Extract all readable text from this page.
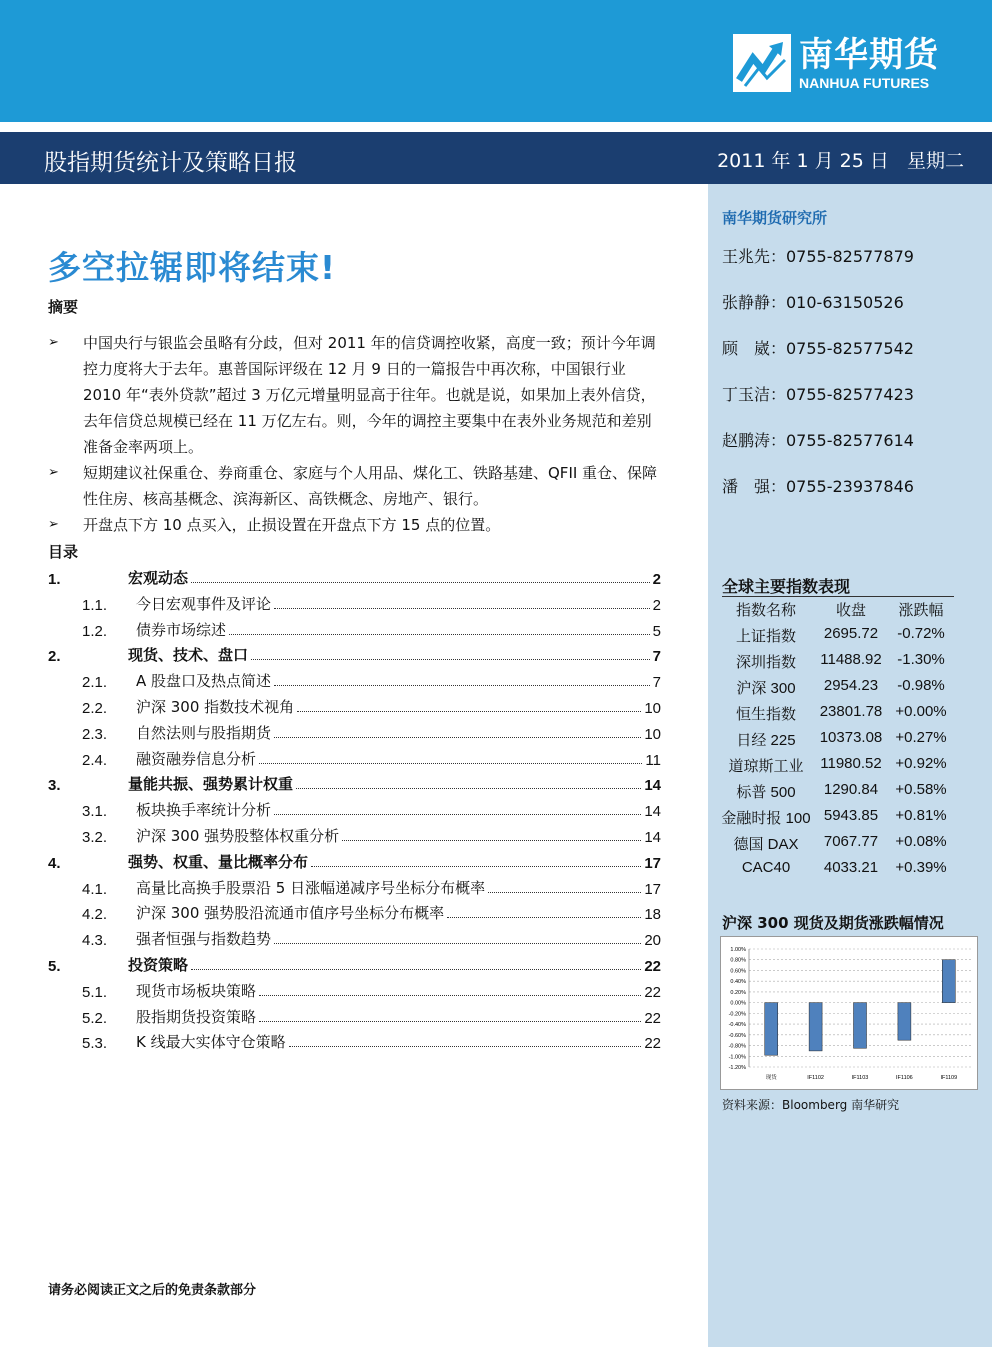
南华期货
NANHUA FUTURES
股指期货统计及策略日报	2011 年 1 月 25 日   星期二
多空拉锯即将结束!
摘要

➢ 中国央行与银监会虽略有分歧，但对 2011 年的信贷调控收紧，高度一致；预计今年调控力度将大于去年。惠普国际评级在 12 月 9 日的一篇报告中再次称，中国银行业 2010 年“表外贷款”超过 3 万亿元增量明显高于往年。也就是说，如果加上表外信贷，去年信贷总规模已经在 11 万亿左右。则，今年的调控主要集中在表外业务规范和差别准备金率两项上。

➢ 短期建议社保重仓、券商重仓、家庭与个人用品、煤化工、铁路基建、QFII 重仓、保障性住房、核高基概念、滨海新区、高铁概念、房地产、银行。

➢ 开盘点下方 10 点买入，止损设置在开盘点下方 15 点的位置。

目录
1.	宏观动态	2
1.1.	今日宏观事件及评论	2
1.2.	债券市场综述	5
2.	现货、技术、盘口	7
2.1.	A 股盘口及热点简述	7
2.2.	沪深 300 指数技术视角	10
2.3.	自然法则与股指期货	10
2.4.	融资融券信息分析	11
3.	量能共振、强势累计权重	14
3.1.	板块换手率统计分析	14
3.2.	沪深 300 强势股整体权重分析	14
4.	强势、权重、量比概率分布	17
4.1.	高量比高换手股票沿 5 日涨幅递减序号坐标分布概率	17
4.2.	沪深 300 强势股沿流通市值序号坐标分布概率	18
4.3.	强者恒强与指数趋势	20
5.	投资策略	22
5.1.	现货市场板块策略	22
5.2.	股指期货投资策略	22
5.3.	K 线最大实体守仓策略	22
南华期货研究所
王兆先：0755-82577879
张静静：010-63150526
顾　崴：0755-82577542
丁玉洁：0755-82577423
赵鹏涛：0755-82577614
潘　强：0755-23937846
全球主要指数表现
指数名称	收盘	涨跌幅
上证指数	2695.72	-0.72%
深圳指数	11488.92	-1.30%
沪深 300	2954.23	-0.98%
恒生指数	23801.78 +0.00%
日经 225	10373.08 +0.27%
道琼斯工业	11980.52 +0.92%
标普 500	1290.84	+0.58%
金融时报 100 5943.85	+0.81%
德国 DAX	7067.77	+0.08%
CAC40	4033.21	+0.39%
沪深 300 现货及期货涨跌幅情况
1.00%
0.80%
0.60%
0.40%
0.20%
0.00%
-0.20%
-0.40%
-0.60%
-0.80%
-1.00%
-1.20%
现货	IF1102	IF1103	IF1106	IF1109
资料来源：Bloomberg 南华研究
请务必阅读正文之后的免责条款部分
